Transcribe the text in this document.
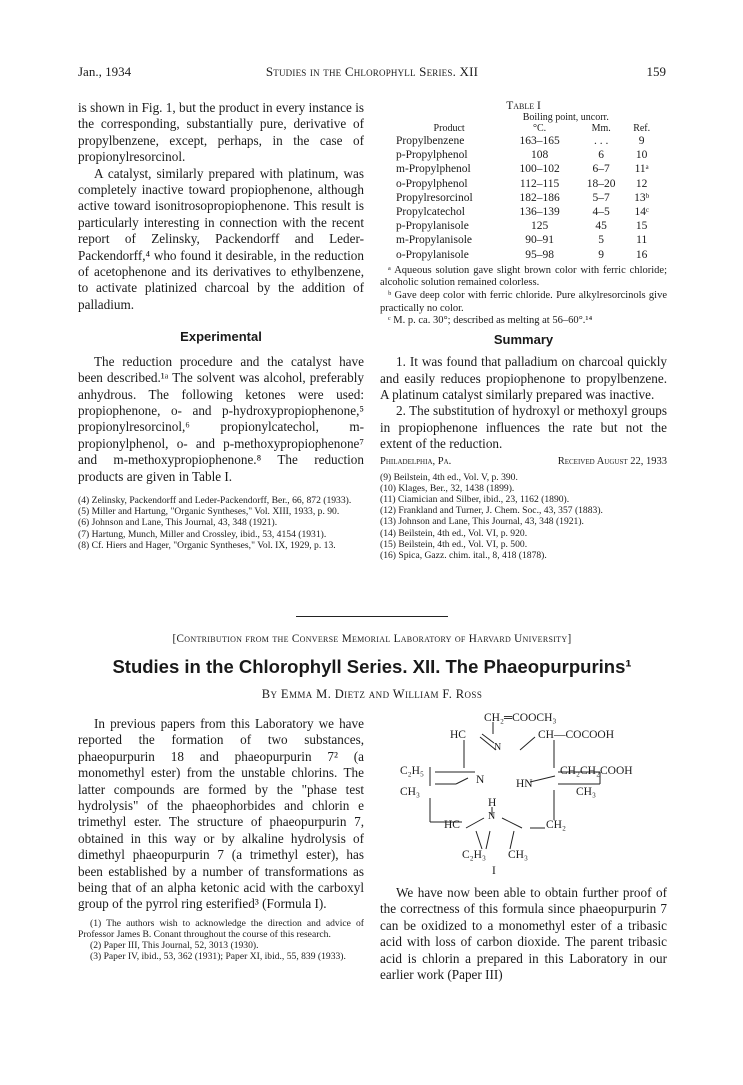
Jan., 1934	Studies in the Chlorophyll Series. XII	159

is shown in Fig. 1, but the product in every instance is the corresponding, substantially pure, derivative of propylbenzene, except, perhaps, in the case of propionylresorcinol.

A catalyst, similarly prepared with platinum, was completely inactive toward propiophenone, although active toward isonitrosopropiophenone. This result is particularly interesting in connection with the recent report of Zelinsky, Packendorff and Leder-Packendorff,⁴ who found it desirable, in the reduction of acetophenone and its derivatives to ethylbenzene, to activate platinized charcoal by the addition of palladium.

Experimental

The reduction procedure and the catalyst have been described.¹ᵃ The solvent was alcohol, preferably anhydrous. The following ketones were used: propiophenone, o- and p-hydroxypropiophenone,⁵ propionylresorcinol,⁶ propionylcatechol, m-propionylphenol, o- and p-methoxypropiophenone⁷ and m-methoxypropiophenone.⁸ The reduction products are given in Table I.

(4) Zelinsky, Packendorff and Leder-Packendorff, Ber., 66, 872 (1933).
(5) Miller and Hartung, "Organic Syntheses," Vol. XIII, 1933, p. 90.
(6) Johnson and Lane, This Journal, 43, 348 (1921).
(7) Hartung, Munch, Miller and Crossley, ibid., 53, 4154 (1931).
(8) Cf. Hiers and Hager, "Organic Syntheses," Vol. IX, 1929, p. 13.
Table I
	Boiling point, uncorr.		
Product	°C.	Mm.	Ref.
Propylbenzene	163–165	. . .	9
p-Propylphenol	108	6	10
m-Propylphenol	100–102	6–7	11ᵃ
o-Propylphenol	112–115	18–20	12
Propylresorcinol	182–186	5–7	13ᵇ
Propylcatechol	136–139	4–5	14ᶜ
p-Propylanisole	125	45	15
m-Propylanisole	90–91	5	11
o-Propylanisole	95–98	9	16
ᵃ Aqueous solution gave slight brown color with ferric chloride; alcoholic solution remained colorless.
ᵇ Gave deep color with ferric chloride. Pure alkylresorcinols give practically no color.
ᶜ M. p. ca. 30°; described as melting at 56–60°.¹⁴
Summary

1. It was found that palladium on charcoal quickly and easily reduces propiophenone to propylbenzene. A platinum catalyst similarly prepared was inactive.

2. The substitution of hydroxyl or methoxyl groups in propiophenone influences the rate but not the extent of the reduction.

Philadelphia, Pa.	Received August 22, 1933
(9) Beilstein, 4th ed., Vol. V, p. 390.
(10) Klages, Ber., 32, 1438 (1899).
(11) Ciamician and Silber, ibid., 23, 1162 (1890).
(12) Frankland and Turner, J. Chem. Soc., 43, 357 (1883).
(13) Johnson and Lane, This Journal, 43, 348 (1921).
(14) Beilstein, 4th ed., Vol. VI, p. 920.
(15) Beilstein, 4th ed., Vol. VI, p. 500.
(16) Spica, Gazz. chim. ital., 8, 418 (1878).
[Contribution from the Converse Memorial Laboratory of Harvard University]
Studies in the Chlorophyll Series. XII. The Phaeopurpurins¹
By Emma M. Dietz and William F. Ross

In previous papers from this Laboratory we have reported the formation of two substances, phaeopurpurin 18 and phaeopurpurin 7² (a monomethyl ester) from the unstable chlorins. The latter compounds are formed by the "phase test hydrolysis" of the phaeophorbides and chlorin e trimethyl ester. The structure of phaeopurpurin 7, obtained in this way or by alkaline hydrolysis of dimethyl phaeopurpurin 7 (a trimethyl ester), has been established by a number of transformations as being that of an alpha ketonic acid with the carboxyl group of the pyrrol ring esterified³ (Formula I).

(1) The authors wish to acknowledge the direction and advice of Professor James B. Conant throughout the course of this research.
(2) Paper III, This Journal, 52, 3013 (1930).
(3) Paper IV, ibid., 53, 362 (1931); Paper XI, ibid., 55, 839 (1933).
CH₂═COOCH₃
HC
N
CH—COCOOH
C₂H₅
N	HN
CH₂CH₂COOH
CH₃	CH₃
H
HC
N
CH₂
C₂H₃ CH₃
I

We have now been able to obtain further proof of the correctness of this formula since phaeopurpurin 7 can be oxidized to a monomethyl ester of a tribasic acid with loss of carbon dioxide. The parent tribasic acid is chlorin a prepared in this Laboratory in our earlier work (Paper III)
